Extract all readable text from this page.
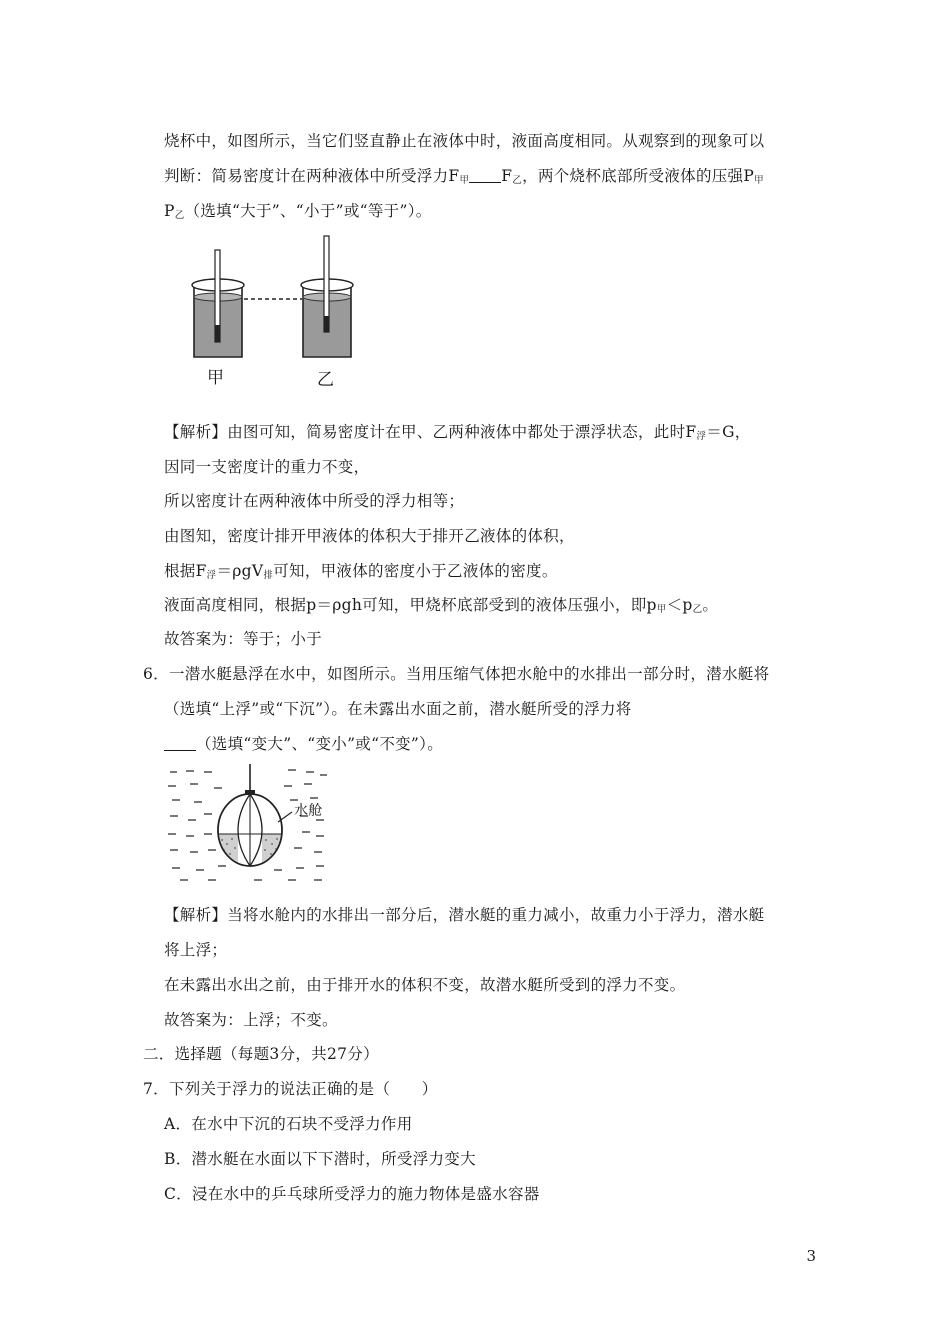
烧杯中，如图所示，当它们竖直静止在液体中时，液面高度相同。从观察到的现象可以
判断：简易密度计在两种液体中所受浮力$F_甲$ $F_乙$，两个烧杯底部所受液体的压强$P_甲$
$P_乙$（选填“大于”、“小于”或“等于”）。
甲	乙
【解析】由图可知，简易密度计在甲、乙两种液体中都处于漂浮状态，此时$F_浮=G$，
因同一支密度计的重力不变，
所以密度计在两种液体中所受的浮力相等；
由图知，密度计排开甲液体的体积大于排开乙液体的体积，
根据$F_浮=\rho gV_排$可知，甲液体的密度小于乙液体的密度。
液面高度相同，根据p＝ρgh可知，甲烧杯底部受到的液体压强小，即$p_甲<p_乙$。
故答案为：等于；小于
6．一潜水艇悬浮在水中，如图所示。当用压缩气体把水舱中的水排出一部分时，潜水艇将
（选填“上浮”或“下沉”）。在未露出水面之前，潜水艇所受的浮力将
（选填“变大”、“变小”或“不变”）。
水舱
【解析】当将水舱内的水排出一部分后，潜水艇的重力减小，故重力小于浮力，潜水艇
将上浮；
在未露出水出之前，由于排开水的体积不变，故潜水艇所受到的浮力不变。
故答案为：上浮；不变。
二．选择题（每题3分，共27分）
7．下列关于浮力的说法正确的是（　　）
A．在水中下沉的石块不受浮力作用
B．潜水艇在水面以下下潜时，所受浮力变大
C．浸在水中的乒乓球所受浮力的施力物体是盛水容器
3
